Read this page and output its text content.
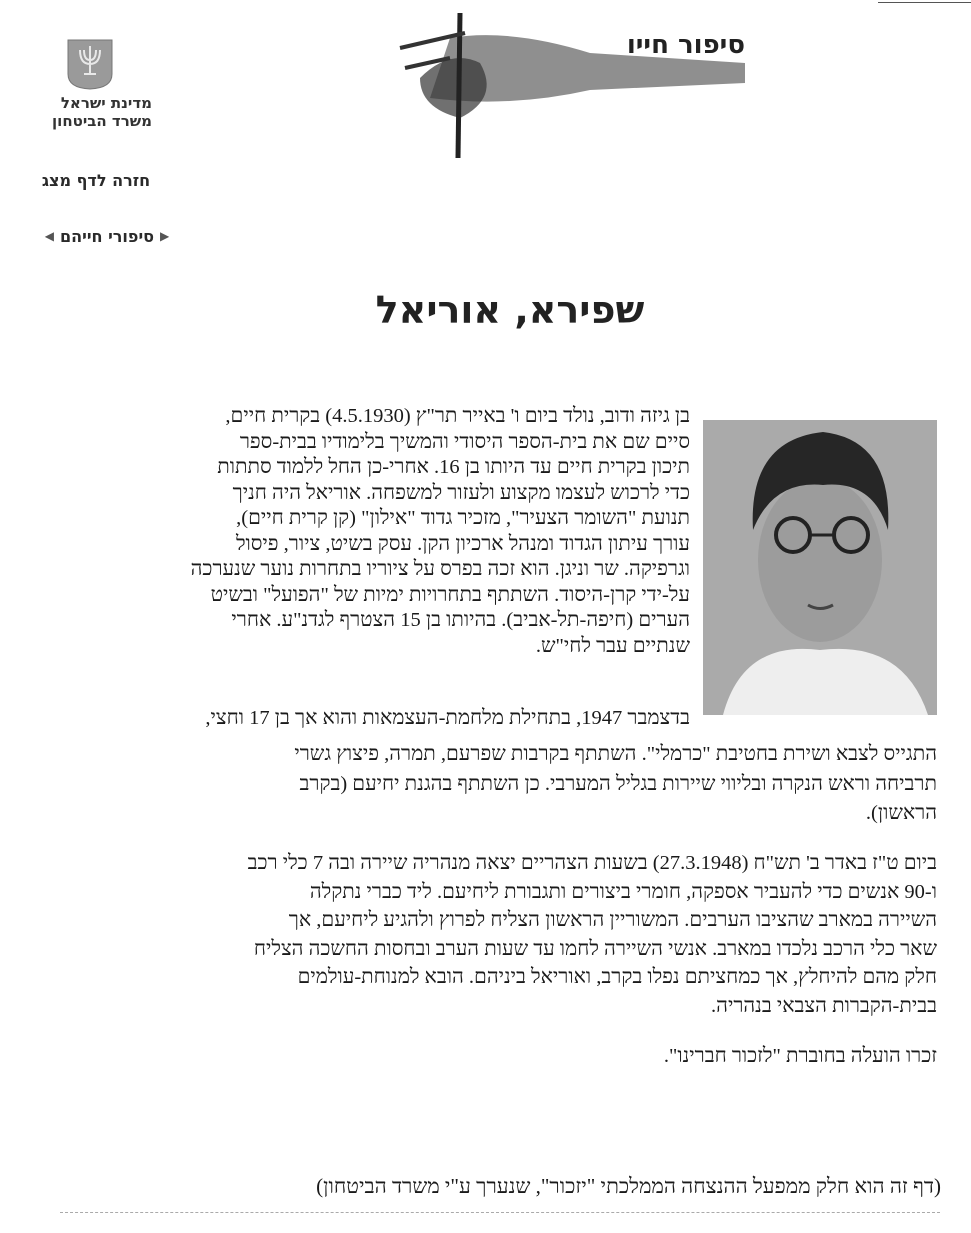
מדינת ישראל
משרד הביטחון
חזרה לדף מצג
◀ סיפורי חייהם ▶
סיפור חייו
שפירא, אוריאל
בן גיזה ודוב, נולד ביום ו' באייר תר"ץ (4.5.1930) בקרית חיים,
סיים שם את בית-הספר היסודי והמשיך בלימודיו בבית-ספר
תיכון בקרית חיים עד היותו בן 16. אחרי-כן החל ללמוד סתתות
כדי לרכוש לעצמו מקצוע ולעזור למשפחה. אוריאל היה חניך
תנועת "השומר הצעיר", מזכיר גדוד "אילון" (קן קרית חיים),
עורך עיתון הגדוד ומנהל ארכיון הקן. עסק בשיט, ציור, פיסול
וגרפיקה. שר וניגן. הוא זכה בפרס על ציוריו בתחרות נוער שנערכה
על-ידי קרן-היסוד. השתתף בתחרויות ימיות של "הפועל" ובשיט
הערים (חיפה-תל-אביב). בהיותו בן 15 הצטרף לגדנ"ע. אחרי
שנתיים עבר לחי"ש.
בדצמבר 1947, בתחילת מלחמת-העצמאות והוא אך בן 17 וחצי,
התגייס לצבא ושירת בחטיבת "כרמלי". השתתף בקרבות שפרעם, תמרה, פיצוץ גשרי
תרביחה וראש הנקרה ובליווי שיירות בגליל המערבי. כן השתתף בהגנת יחיעם (בקרב
הראשון).
ביום ט"ז באדר ב' תש"ח (27.3.1948) בשעות הצהריים יצאה מנהריה שיירה ובה 7 כלי רכב
ו-90 אנשים כדי להעביר אספקה, חומרי ביצורים ותגבורת ליחיעם. ליד כברי נתקלה
השיירה במארב שהציבו הערבים. המשוריין הראשון הצליח לפרוץ ולהגיע ליחיעם, אך
שאר כלי הרכב נלכדו במארב. אנשי השיירה לחמו עד שעות הערב ובחסות החשכה הצליח
חלק מהם להיחלץ, אך כמחציתם נפלו בקרב, ואוריאל ביניהם. הובא למנוחת-עולמים
בבית-הקברות הצבאי בנהריה.
זכרו הועלה בחוברת "לזכור חברינו".
(דף זה הוא חלק ממפעל ההנצחה הממלכתי "יזכור", שנערך ע"י משרד הביטחון)
